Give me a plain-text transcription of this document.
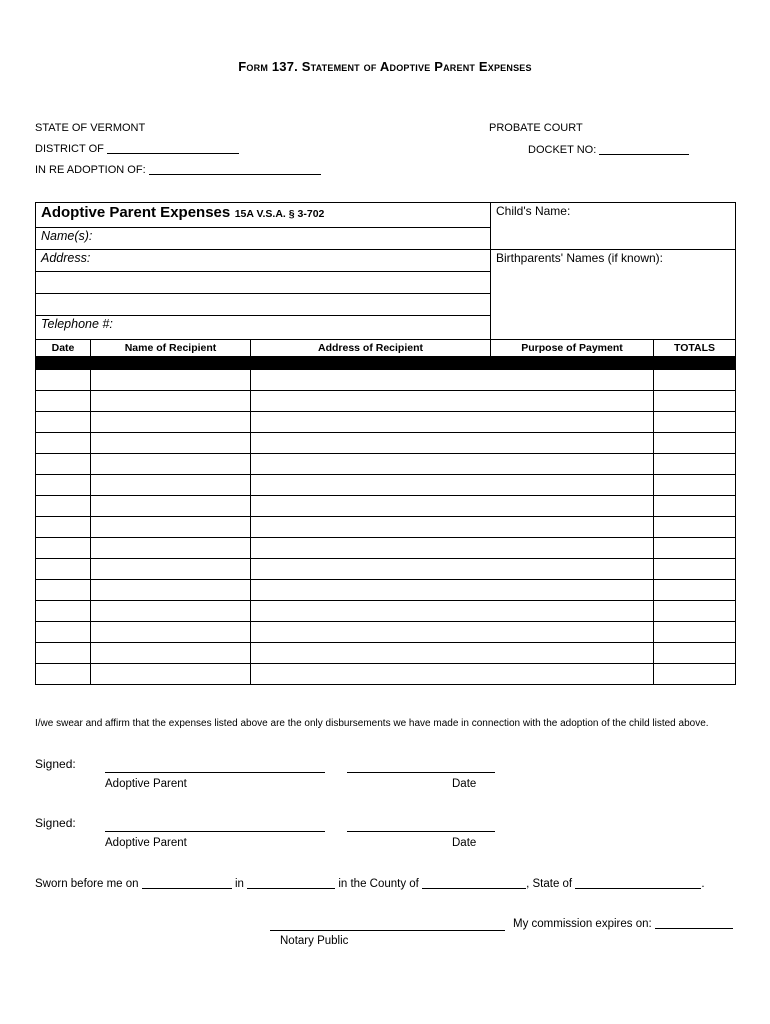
Form 137. Statement of Adoptive Parent Expenses
STATE OF VERMONT	PROBATE COURT
DISTRICT OF	DOCKET NO:
IN RE ADOPTION OF:
Adoptive Parent Expenses 15A V.S.A. § 3-702	Child's Name:
Name(s):	
Address:	Birthparents' Names (if known):

Telephone #:	
Date	Name of Recipient	Address of Recipient	Purpose of Payment	TOTALS

I/we swear and affirm that the expenses listed above are the only disbursements we have made in connection with the adoption of the child listed above.
Signed:
Adoptive Parent	Date
Signed:
Adoptive Parent	Date
Sworn before me on	in	in the County of	, State of	.
My commission expires on:
Notary Public
